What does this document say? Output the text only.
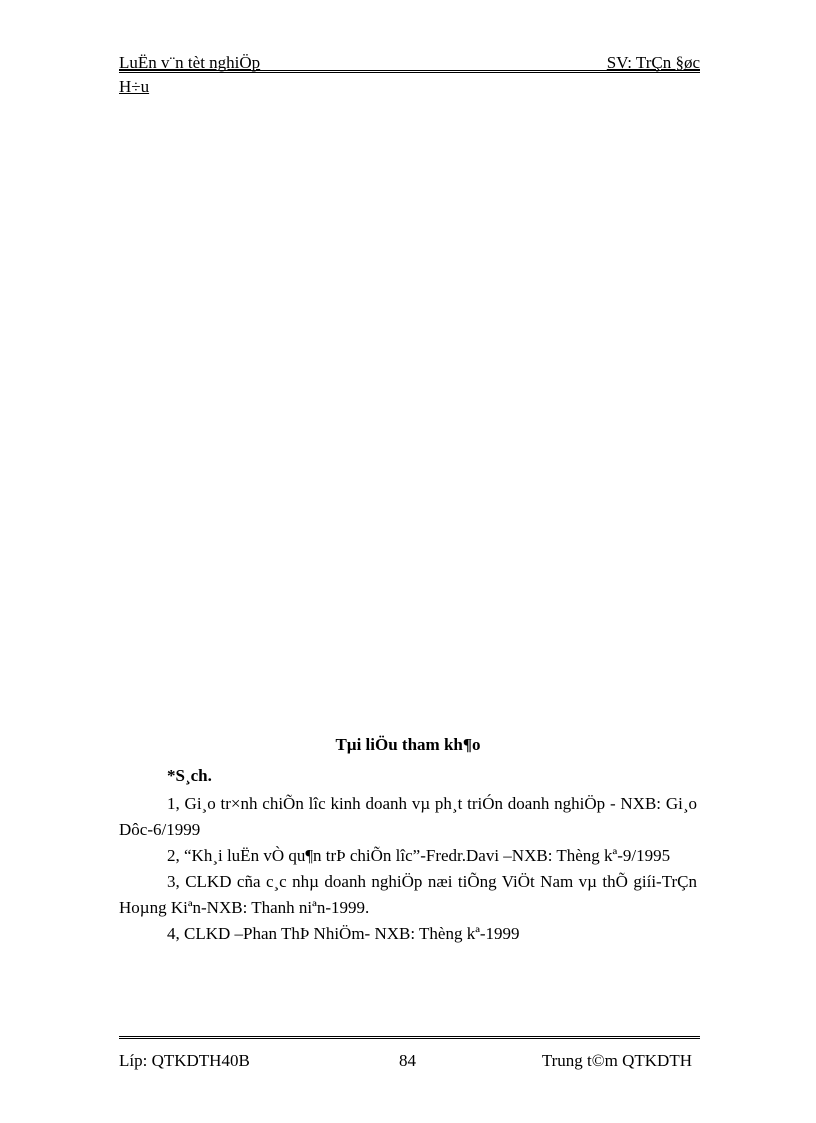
LuËn v¨n tèt nghiÖp	SV: TrÇn §øc
H÷u

Tµi liÖu tham kh¶o

*S¸ch.

1, Gi¸o tr×nh chiÕn lîc kinh doanh vµ ph¸t triÓn doanh nghiÖp - NXB: Gi¸o Dôc-6/1999

2, “Kh¸i luËn vÒ qu¶n trÞ chiÕn lîc”-Fredr.Davi –NXB: Thèng kª-9/1995

3, CLKD cña c¸c nhµ doanh nghiÖp næi tiÕng ViÖt Nam vµ thÕ giíi-TrÇn Hoµng Kiªn-NXB: Thanh niªn-1999.

4, CLKD –Phan ThÞ NhiÖm- NXB: Thèng kª-1999

Líp: QTKDTH40B	84	Trung t©m QTKDTH
